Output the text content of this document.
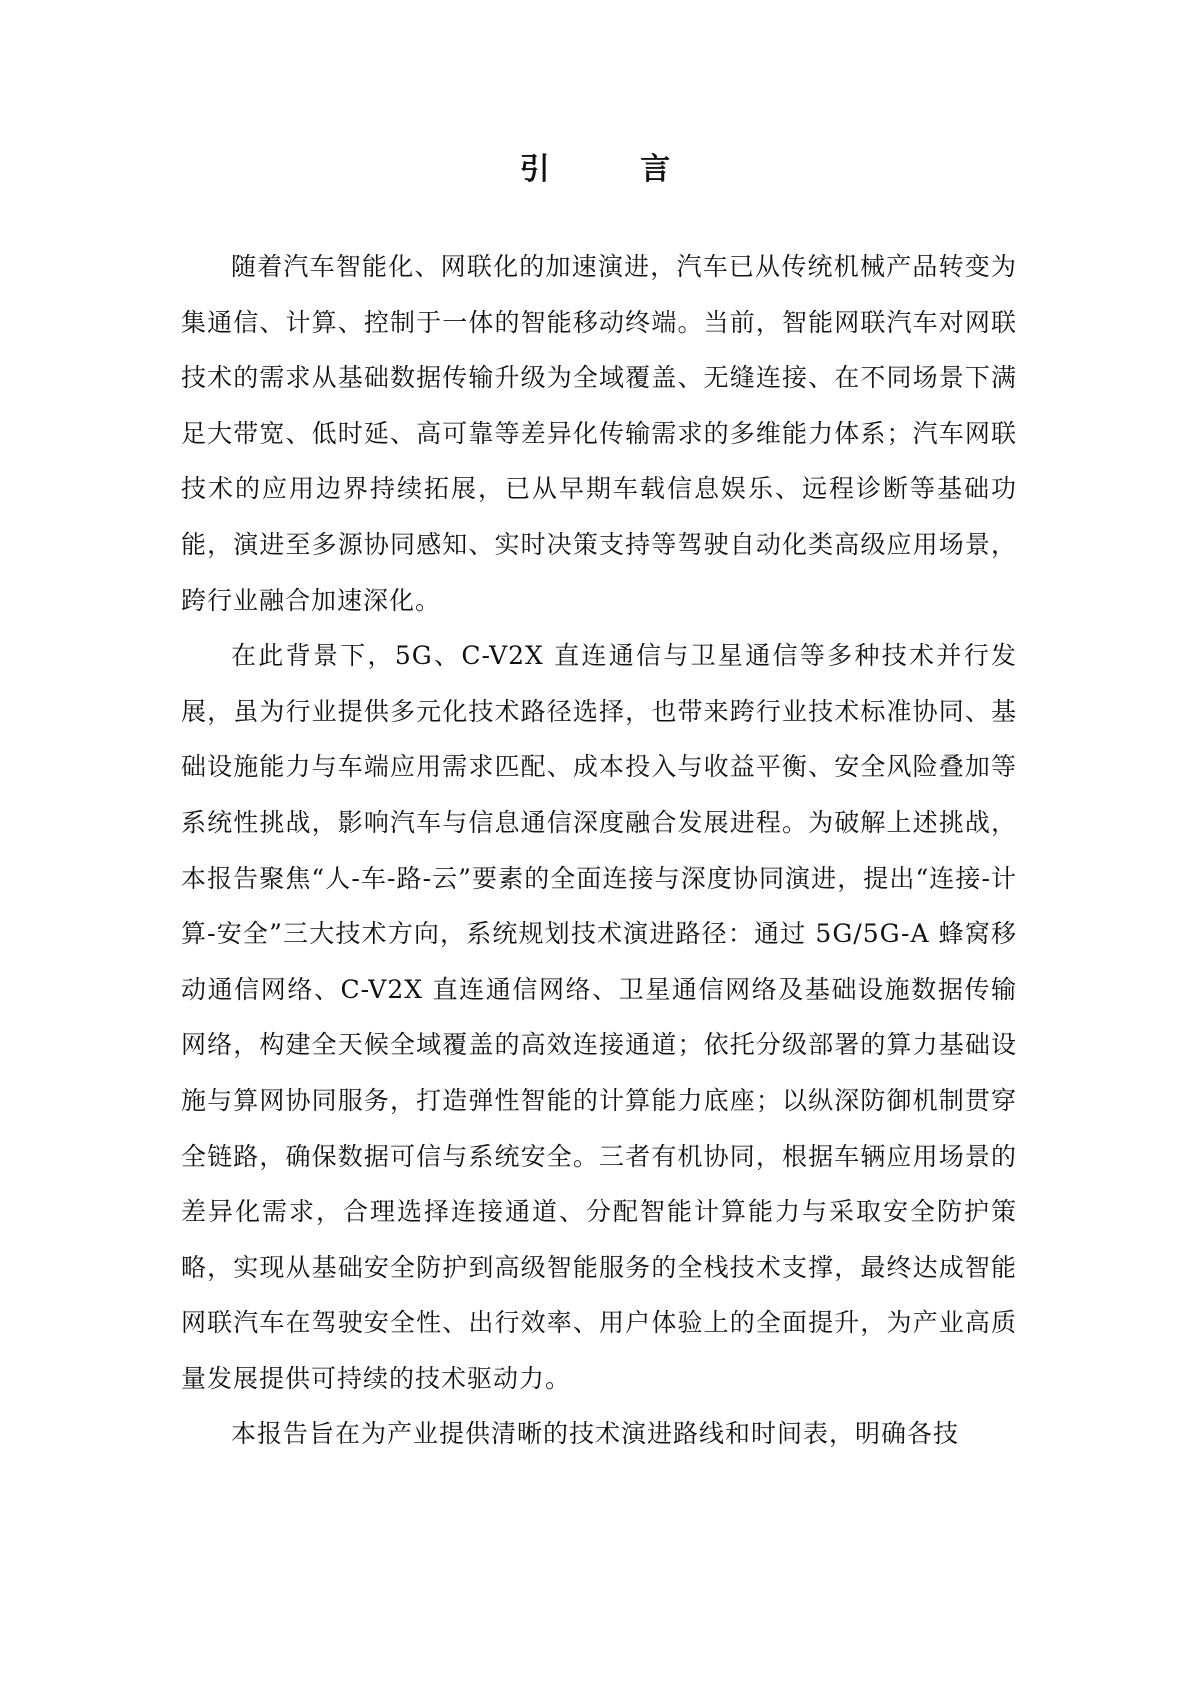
引 言

随着汽车智能化、网联化的加速演进，汽车已从传统机械产品转变为集通信、计算、控制于一体的智能移动终端。当前，智能网联汽车对网联技术的需求从基础数据传输升级为全域覆盖、无缝连接、在不同场景下满足大带宽、低时延、高可靠等差异化传输需求的多维能力体系；汽车网联技术的应用边界持续拓展，已从早期车载信息娱乐、远程诊断等基础功能，演进至多源协同感知、实时决策支持等驾驶自动化类高级应用场景，跨行业融合加速深化。

在此背景下，5G、C-V2X 直连通信与卫星通信等多种技术并行发展，虽为行业提供多元化技术路径选择，也带来跨行业技术标准协同、基础设施能力与车端应用需求匹配、成本投入与收益平衡、安全风险叠加等系统性挑战，影响汽车与信息通信深度融合发展进程。为破解上述挑战，本报告聚焦“人-车-路-云”要素的全面连接与深度协同演进，提出“连接-计算-安全”三大技术方向，系统规划技术演进路径：通过 5G/5G-A 蜂窝移动通信网络、C-V2X 直连通信网络、卫星通信网络及基础设施数据传输网络，构建全天候全域覆盖的高效连接通道；依托分级部署的算力基础设施与算网协同服务，打造弹性智能的计算能力底座；以纵深防御机制贯穿全链路，确保数据可信与系统安全。三者有机协同，根据车辆应用场景的差异化需求，合理选择连接通道、分配智能计算能力与采取安全防护策略，实现从基础安全防护到高级智能服务的全栈技术支撑，最终达成智能网联汽车在驾驶安全性、出行效率、用户体验上的全面提升，为产业高质量发展提供可持续的技术驱动力。

本报告旨在为产业提供清晰的技术演进路线和时间表，明确各技
